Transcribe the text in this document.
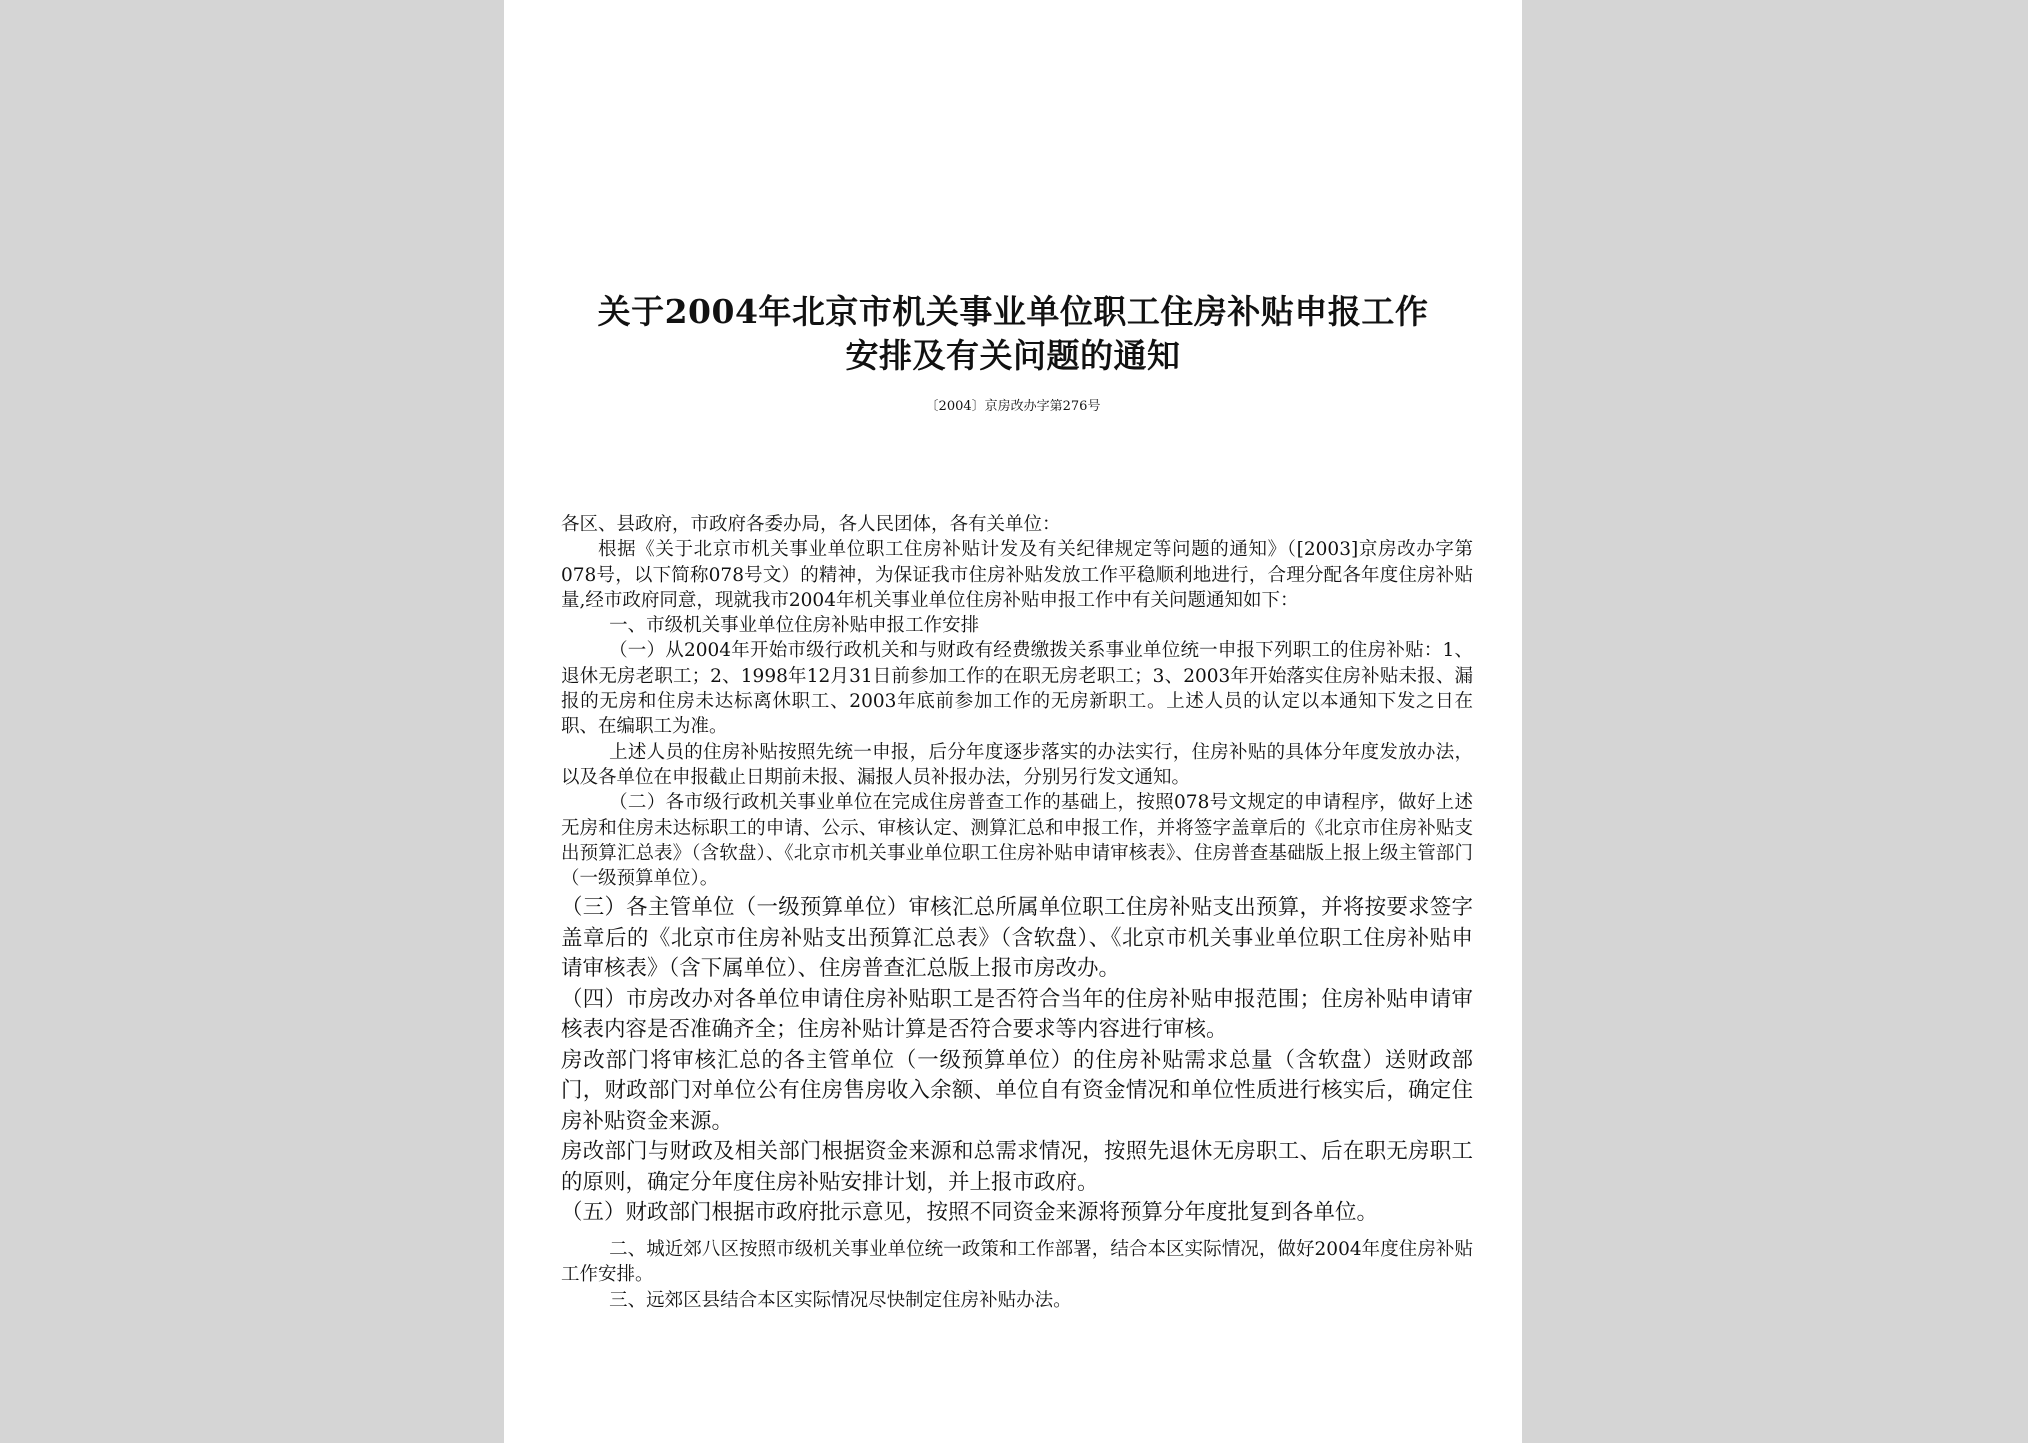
关于2004年北京市机关事业单位职工住房补贴申报工作
安排及有关问题的通知
〔2004〕京房改办字第276号

各区、县政府，市政府各委办局，各人民团体，各有关单位：

根据《关于北京市机关事业单位职工住房补贴计发及有关纪律规定等问题的通知》（[2003]京房改办字第078号，以下简称078号文）的精神，为保证我市住房补贴发放工作平稳顺利地进行，合理分配各年度住房补贴量,经市政府同意，现就我市2004年机关事业单位住房补贴申报工作中有关问题通知如下：

一、市级机关事业单位住房补贴申报工作安排

（一）从2004年开始市级行政机关和与财政有经费缴拨关系事业单位统一申报下列职工的住房补贴：1、退休无房老职工；2、1998年12月31日前参加工作的在职无房老职工；3、2003年开始落实住房补贴未报、漏报的无房和住房未达标离休职工、2003年底前参加工作的无房新职工。上述人员的认定以本通知下发之日在职、在编职工为准。

上述人员的住房补贴按照先统一申报，后分年度逐步落实的办法实行，住房补贴的具体分年度发放办法，以及各单位在申报截止日期前未报、漏报人员补报办法，分别另行发文通知。

（二）各市级行政机关事业单位在完成住房普查工作的基础上，按照078号文规定的申请程序，做好上述无房和住房未达标职工的申请、公示、审核认定、测算汇总和申报工作，并将签字盖章后的《北京市住房补贴支出预算汇总表》（含软盘）、《北京市机关事业单位职工住房补贴申请审核表》、住房普查基础版上报上级主管部门（一级预算单位）。

（三）各主管单位（一级预算单位）审核汇总所属单位职工住房补贴支出预算，并将按要求签字盖章后的《北京市住房补贴支出预算汇总表》（含软盘）、《北京市机关事业单位职工住房补贴申请审核表》（含下属单位）、住房普查汇总版上报市房改办。

（四）市房改办对各单位申请住房补贴职工是否符合当年的住房补贴申报范围；住房补贴申请审核表内容是否准确齐全；住房补贴计算是否符合要求等内容进行审核。

房改部门将审核汇总的各主管单位（一级预算单位）的住房补贴需求总量（含软盘）送财政部门，财政部门对单位公有住房售房收入余额、单位自有资金情况和单位性质进行核实后，确定住房补贴资金来源。

房改部门与财政及相关部门根据资金来源和总需求情况，按照先退休无房职工、后在职无房职工的原则，确定分年度住房补贴安排计划，并上报市政府。

（五）财政部门根据市政府批示意见，按照不同资金来源将预算分年度批复到各单位。

二、城近郊八区按照市级机关事业单位统一政策和工作部署，结合本区实际情况，做好2004年度住房补贴工作安排。

三、远郊区县结合本区实际情况尽快制定住房补贴办法。
